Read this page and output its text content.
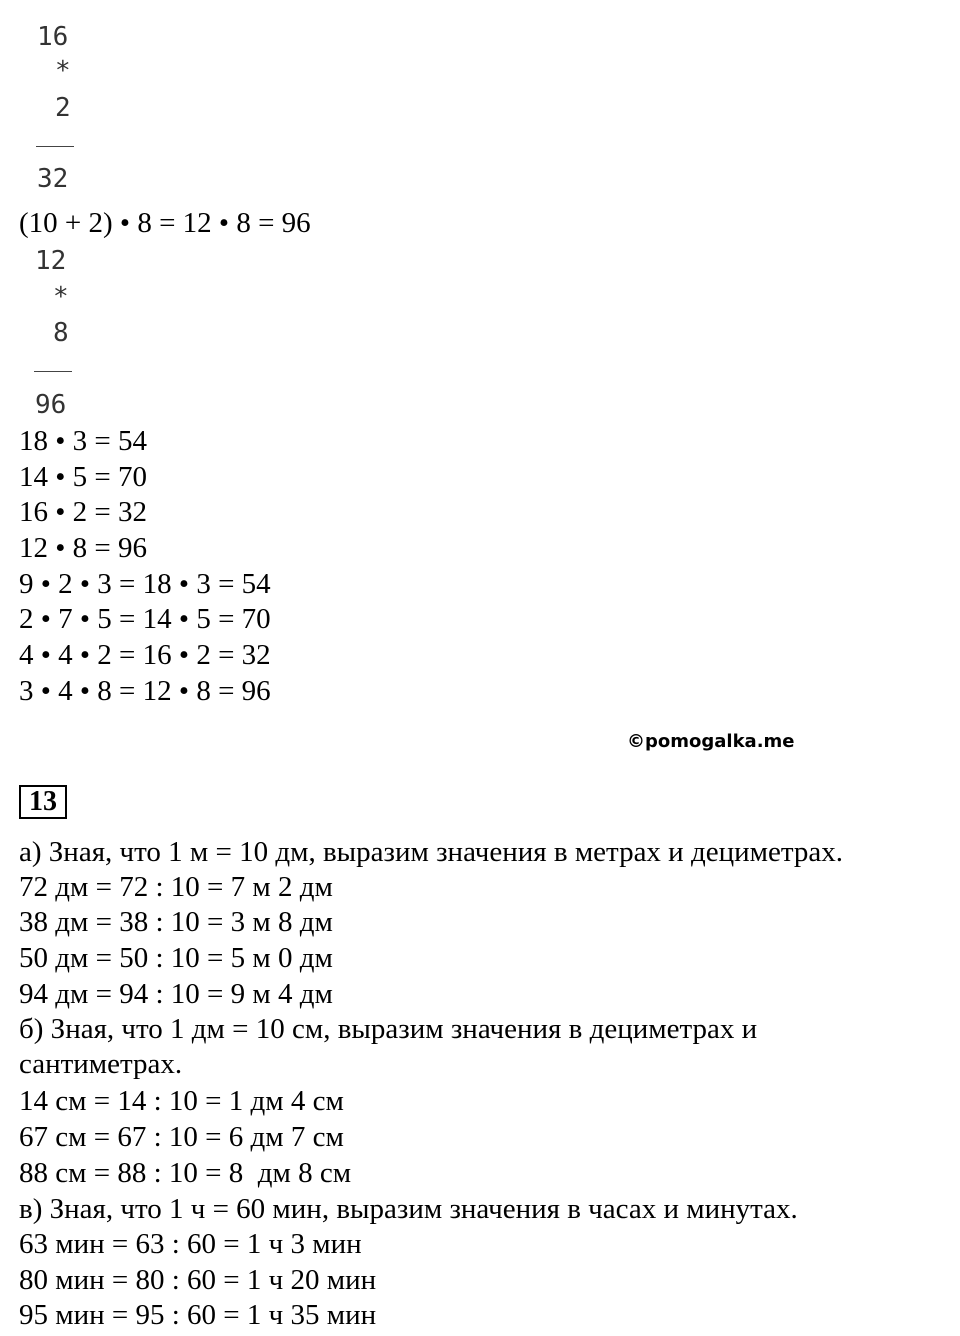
16
*
2
32
(10 + 2) • 8 = 12 • 8 = 96
12
*
8
96
18 • 3 = 54
14 • 5 = 70
16 • 2 = 32
12 • 8 = 96
9 • 2 • 3 = 18 • 3 = 54
2 • 7 • 5 = 14 • 5 = 70
4 • 4 • 2 = 16 • 2 = 32
3 • 4 • 8 = 12 • 8 = 96
©pomogalka.me
13
а) Зная, что 1 м = 10 дм, выразим значения в метрах и дециметрах.
72 дм = 72 : 10 = 7 м 2 дм
38 дм = 38 : 10 = 3 м 8 дм
50 дм = 50 : 10 = 5 м 0 дм
94 дм = 94 : 10 = 9 м 4 дм
б) Зная, что 1 дм = 10 см, выразим значения в дециметрах и
сантиметрах.
14 см = 14 : 10 = 1 дм 4 см
67 см = 67 : 10 = 6 дм 7 см
88 см = 88 : 10 = 8  дм 8 см
в) Зная, что 1 ч = 60 мин, выразим значения в часах и минутах.
63 мин = 63 : 60 = 1 ч 3 мин
80 мин = 80 : 60 = 1 ч 20 мин
95 мин = 95 : 60 = 1 ч 35 мин
